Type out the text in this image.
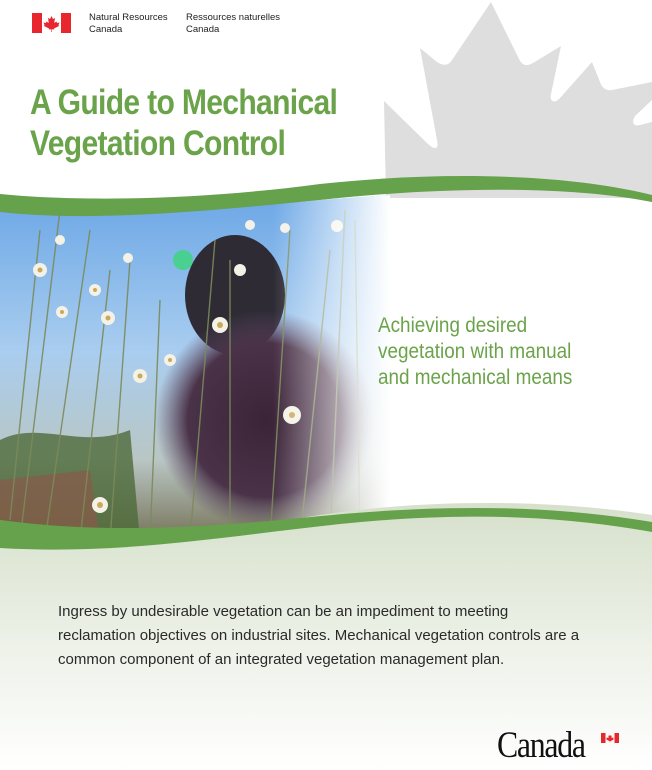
Natural Resources
Canada
Ressources naturelles
Canada
A Guide to Mechanical
Vegetation Control
Achieving desired
vegetation with manual
and mechanical means
Ingress by undesirable vegetation can be an impediment to meeting
reclamation objectives on industrial sites. Mechanical vegetation controls are a
common component of an integrated vegetation management plan.
Canada
